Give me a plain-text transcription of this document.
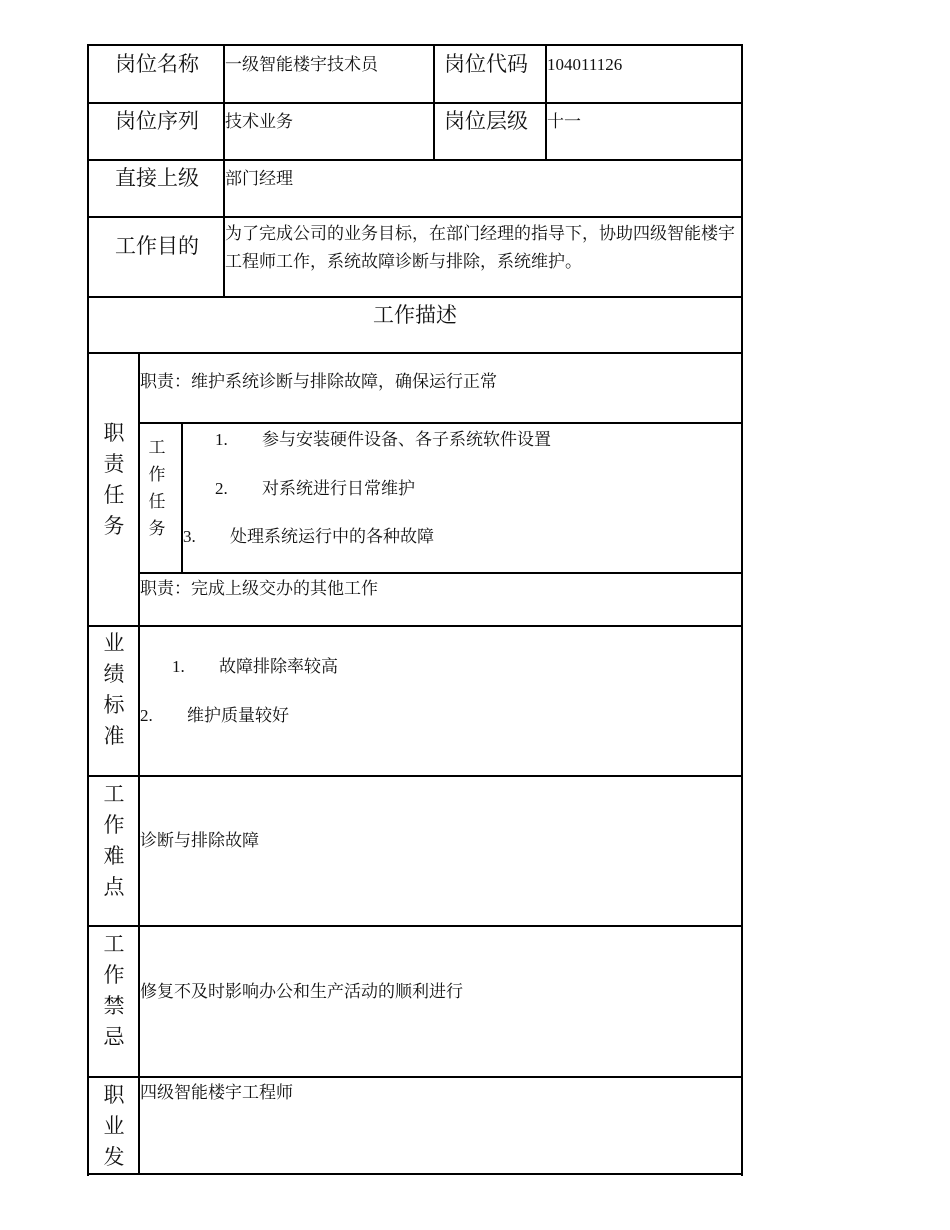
岗位名称 一级智能楼宇技术员	岗位代码 104011126
岗位序列 技术业务	岗位层级 十一
直接上级 部门经理
工作目的
为了完成公司的业务目标，在部门经理的指导下，协助四级智能楼宇工程师工作，系统故障诊断与排除，系统维护。
工作描述
职
责
任
务
职责：维护系统诊断与排除故障，确保运行正常
工
作
任
务
1. 参与安装硬件设备、各子系统软件设置
2. 对系统进行日常维护
3. 处理系统运行中的各种故障
职责：完成上级交办的其他工作
业
绩
标
准
1. 故障排除率较高
2. 维护质量较好
工
作
难
点
诊断与排除故障
工
作
禁
忌
修复不及时影响办公和生产活动的顺利进行
职
业
发
四级智能楼宇工程师
